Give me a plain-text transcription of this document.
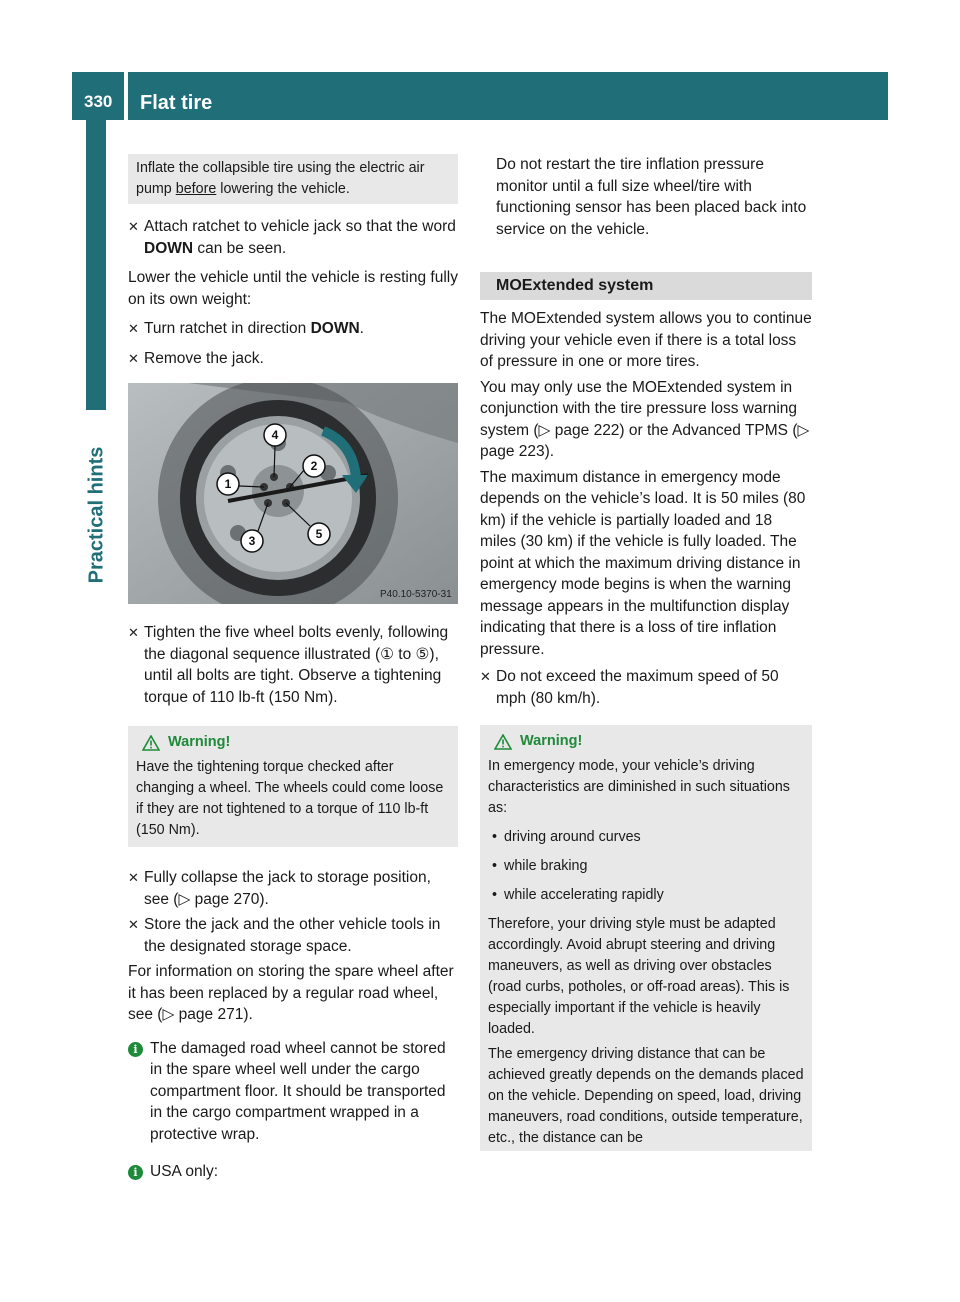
330 Flat tire
Practical hints
Inflate the collapsible tire using the electric air pump before lowering the vehicle.
✕ Attach ratchet to vehicle jack so that the word DOWN can be seen.

Lower the vehicle until the vehicle is resting fully on its own weight:

✕ Turn ratchet in direction DOWN.
✕ Remove the jack.
1
2
3
4
5
P40.10-5370-31
✕ Tighten the five wheel bolts evenly, following the diagonal sequence illustrated (① to ⑤), until all bolts are tight. Observe a tightening torque of 110 lb-ft (150 Nm).
Warning!

Have the tightening torque checked after changing a wheel. The wheels could come loose if they are not tightened to a torque of 110 lb-ft (150 Nm).

✕ Fully collapse the jack to storage position, see (▷ page 270).
✕ Store the jack and the other vehicle tools in the designated storage space.

For information on storing the spare wheel after it has been replaced by a regular road wheel, see (▷ page 271).

i The damaged road wheel cannot be stored in the spare wheel well under the cargo compartment floor. It should be transported in the cargo compartment wrapped in a protective wrap.
i USA only:

Do not restart the tire inflation pressure monitor until a full size wheel/tire with functioning sensor has been placed back into service on the vehicle.

MOExtended system

The MOExtended system allows you to continue driving your vehicle even if there is a total loss of pressure in one or more tires.

You may only use the MOExtended system in conjunction with the tire pressure loss warning system (▷ page 222) or the Advanced TPMS (▷ page 223).

The maximum distance in emergency mode depends on the vehicle’s load. It is 50 miles (80 km) if the vehicle is partially loaded and 18 miles (30 km) if the vehicle is fully loaded. The point at which the maximum driving distance in emergency mode begins is when the warning message appears in the multifunction display indicating that there is a loss of tire inflation pressure.

✕ Do not exceed the maximum speed of 50 mph (80 km/h).
Warning!

In emergency mode, your vehicle’s driving characteristics are diminished in such situations as:

• driving around curves
• while braking
• while accelerating rapidly

Therefore, your driving style must be adapted accordingly. Avoid abrupt steering and driving maneuvers, as well as driving over obstacles (road curbs, potholes, or off-road areas). This is especially important if the vehicle is heavily loaded.

The emergency driving distance that can be achieved greatly depends on the demands placed on the vehicle. Depending on speed, load, driving maneuvers, road conditions, outside temperature, etc., the distance can be
